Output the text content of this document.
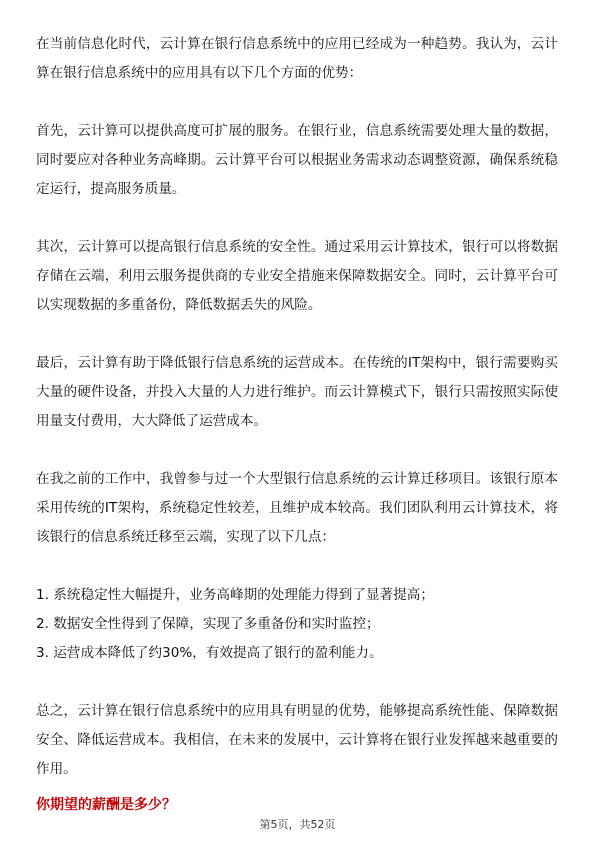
在当前信息化时代，云计算在银行信息系统中的应用已经成为一种趋势。我认为，云计算在银行信息系统中的应用具有以下几个方面的优势：

首先，云计算可以提供高度可扩展的服务。在银行业，信息系统需要处理大量的数据，同时要应对各种业务高峰期。云计算平台可以根据业务需求动态调整资源，确保系统稳定运行，提高服务质量。

其次，云计算可以提高银行信息系统的安全性。通过采用云计算技术，银行可以将数据存储在云端，利用云服务提供商的专业安全措施来保障数据安全。同时，云计算平台可以实现数据的多重备份，降低数据丢失的风险。

最后，云计算有助于降低银行信息系统的运营成本。在传统的IT架构中，银行需要购买大量的硬件设备，并投入大量的人力进行维护。而云计算模式下，银行只需按照实际使用量支付费用，大大降低了运营成本。

在我之前的工作中，我曾参与过一个大型银行信息系统的云计算迁移项目。该银行原本采用传统的IT架构，系统稳定性较差，且维护成本较高。我们团队利用云计算技术，将该银行的信息系统迁移至云端，实现了以下几点：

1. 系统稳定性大幅提升，业务高峰期的处理能力得到了显著提高；

2. 数据安全性得到了保障，实现了多重备份和实时监控；

3. 运营成本降低了约30%，有效提高了银行的盈利能力。

总之，云计算在银行信息系统中的应用具有明显的优势，能够提高系统性能、保障数据安全、降低运营成本。我相信，在未来的发展中，云计算将在银行业发挥越来越重要的作用。

你期望的薪酬是多少？

第5页，共52页
